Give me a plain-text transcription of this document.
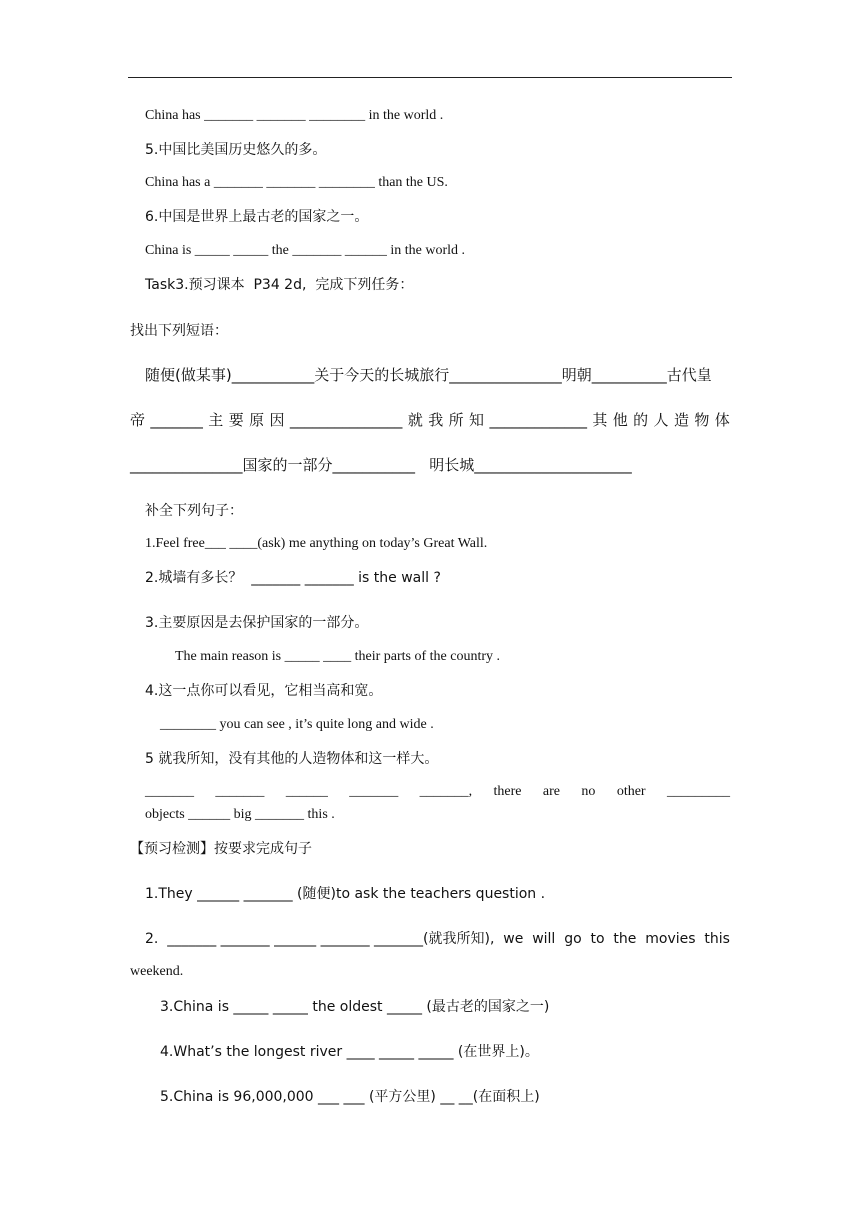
China has _______ _______ ________ in the world .
5.中国比美国历史悠久的多。
China has a _______ _______ ________ than the US.
6.中国是世界上最古老的国家之一。
China is _____ _____ the _______ ______ in the world .
Task3.预习课本  P34 2d,  完成下列任务：
找出下列短语：
随便(做某事)___________关于今天的长城旅行_______________明朝__________古代皇
帝 _______ 主 要 原 因 _______________ 就 我 所 知 _____________ 其 他 的 人 造 物 体
_______________国家的一部分___________   明长城_____________________
补全下列句子：
1.Feel free___ ____(ask) me anything on today’s Great Wall.
2.城墙有多长？  _______ _______ is the wall ?
3.主要原因是去保护国家的一部分。
The main reason is _____ ____ their parts of the country .
4.这一点你可以看见，它相当高和宽。
________ you can see , it’s quite long and wide .
5 就我所知，没有其他的人造物体和这一样大。
_______ _______ ______ _______ _______, there are no other _________
objects ______ big _______ this .
【预习检测】按要求完成句子
1.They ______ _______ (随便)to ask the teachers question .
2. _______ _______ ______ _______ _______(就我所知), we will go to the movies this
weekend.
3.China is _____ _____ the oldest _____ (最古老的国家之一)
4.What’s the longest river ____ _____ _____ (在世界上)。
5.China is 96,000,000 ___ ___ (平方公里) __ __(在面积上)
